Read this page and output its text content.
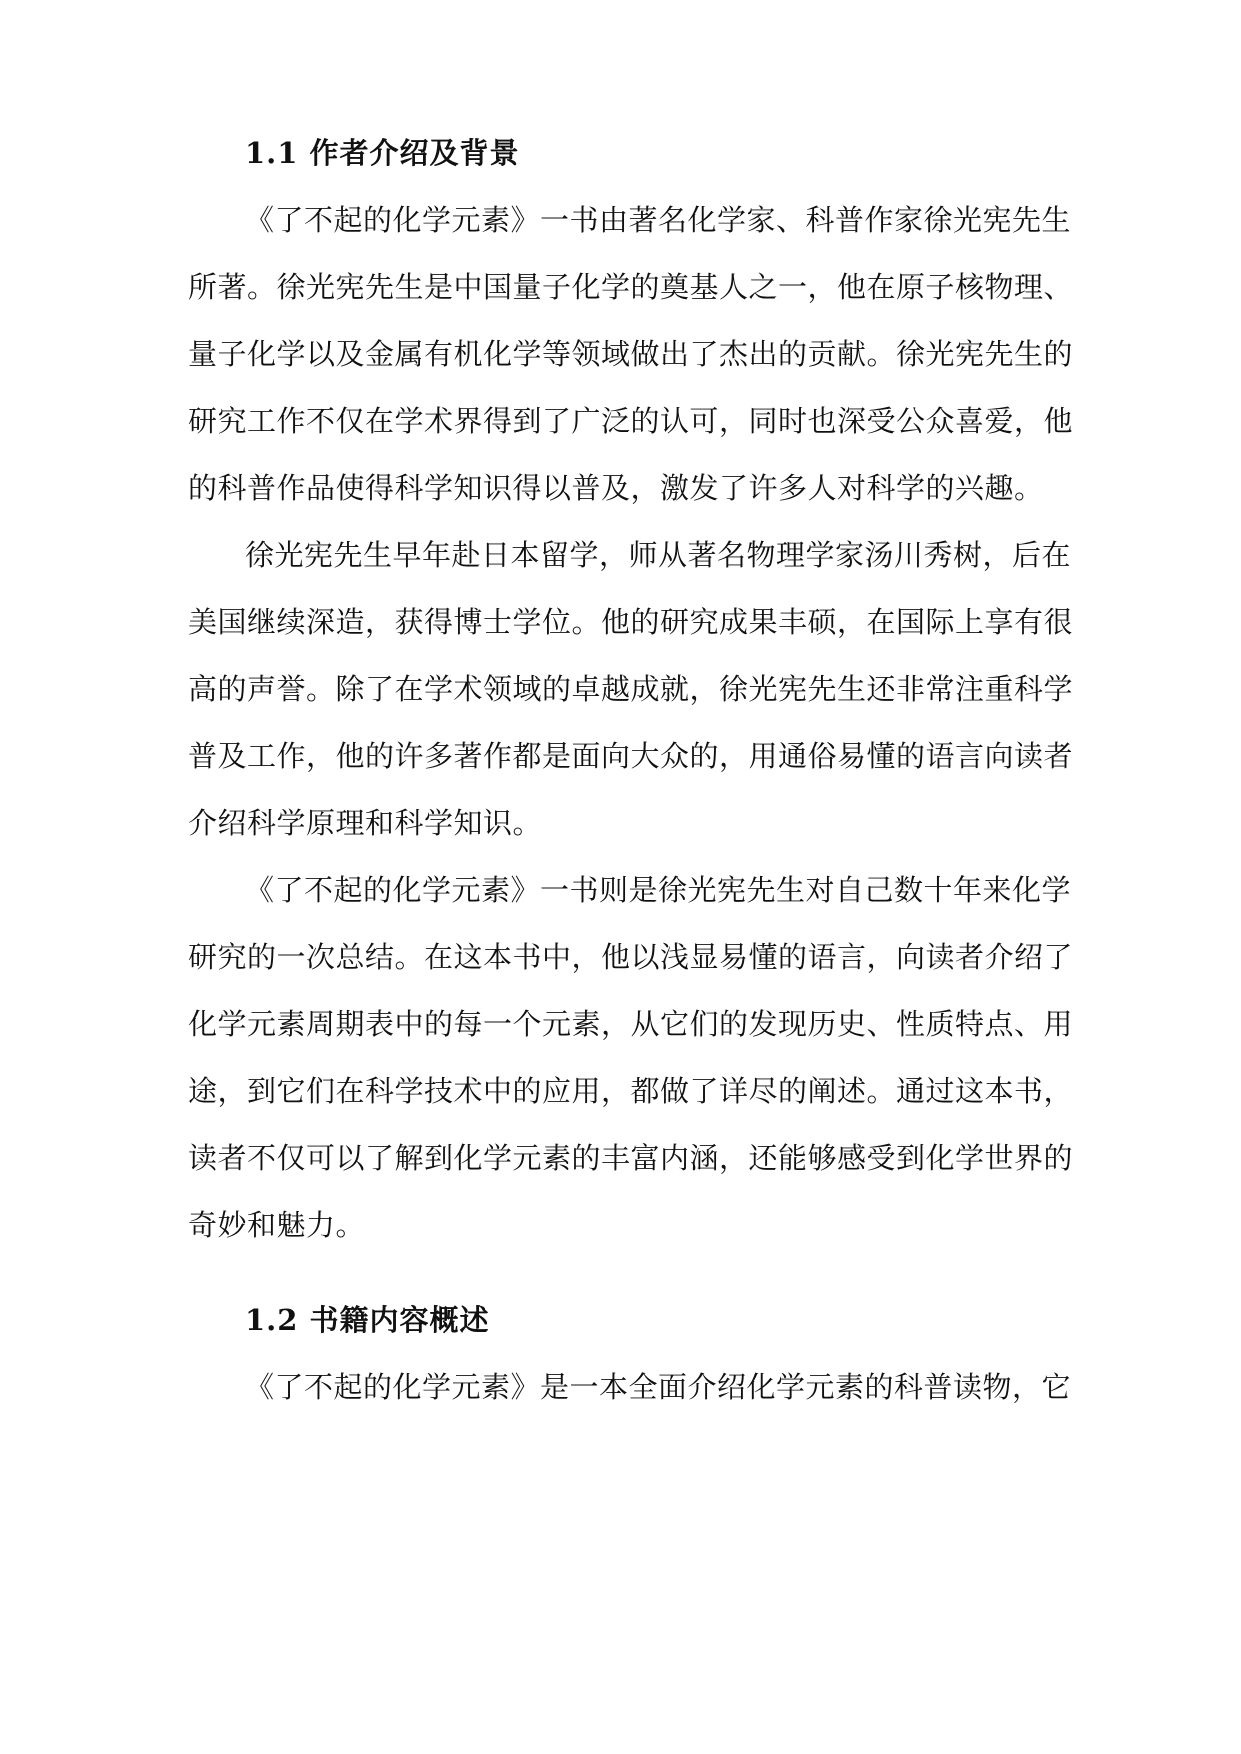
1.1 作者介绍及背景

《了不起的化学元素》一书由著名化学家、科普作家徐光宪先生

所著。徐光宪先生是中国量子化学的奠基人之一，他在原子核物理、

量子化学以及金属有机化学等领域做出了杰出的贡献。徐光宪先生的

研究工作不仅在学术界得到了广泛的认可，同时也深受公众喜爱，他

的科普作品使得科学知识得以普及，激发了许多人对科学的兴趣。

徐光宪先生早年赴日本留学，师从著名物理学家汤川秀树，后在

美国继续深造，获得博士学位。他的研究成果丰硕，在国际上享有很

高的声誉。除了在学术领域的卓越成就，徐光宪先生还非常注重科学

普及工作，他的许多著作都是面向大众的，用通俗易懂的语言向读者

介绍科学原理和科学知识。

《了不起的化学元素》一书则是徐光宪先生对自己数十年来化学

研究的一次总结。在这本书中，他以浅显易懂的语言，向读者介绍了

化学元素周期表中的每一个元素，从它们的发现历史、性质特点、用

途，到它们在科学技术中的应用，都做了详尽的阐述。通过这本书，

读者不仅可以了解到化学元素的丰富内涵，还能够感受到化学世界的

奇妙和魅力。

1.2 书籍内容概述

《了不起的化学元素》是一本全面介绍化学元素的科普读物，它
